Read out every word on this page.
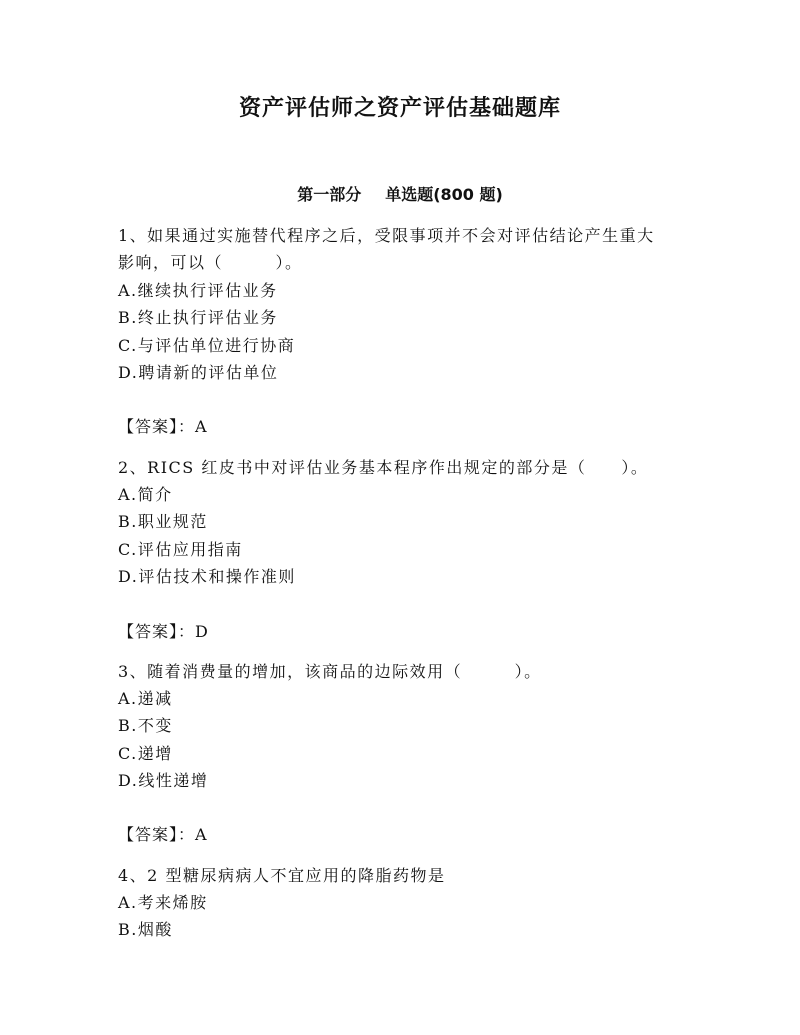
资产评估师之资产评估基础题库
第一部分 单选题(800 题)
1、如果通过实施替代程序之后，受限事项并不会对评估结论产生重大
影响，可以（　　　）。
A.继续执行评估业务
B.终止执行评估业务
C.与评估单位进行协商
D.聘请新的评估单位
【答案】：A
2、RICS 红皮书中对评估业务基本程序作出规定的部分是（　　）。
A.简介
B.职业规范
C.评估应用指南
D.评估技术和操作准则
【答案】：D
3、随着消费量的增加，该商品的边际效用（　　　）。
A.递减
B.不变
C.递增
D.线性递增
【答案】：A
4、2 型糖尿病病人不宜应用的降脂药物是
A.考来烯胺
B.烟酸
